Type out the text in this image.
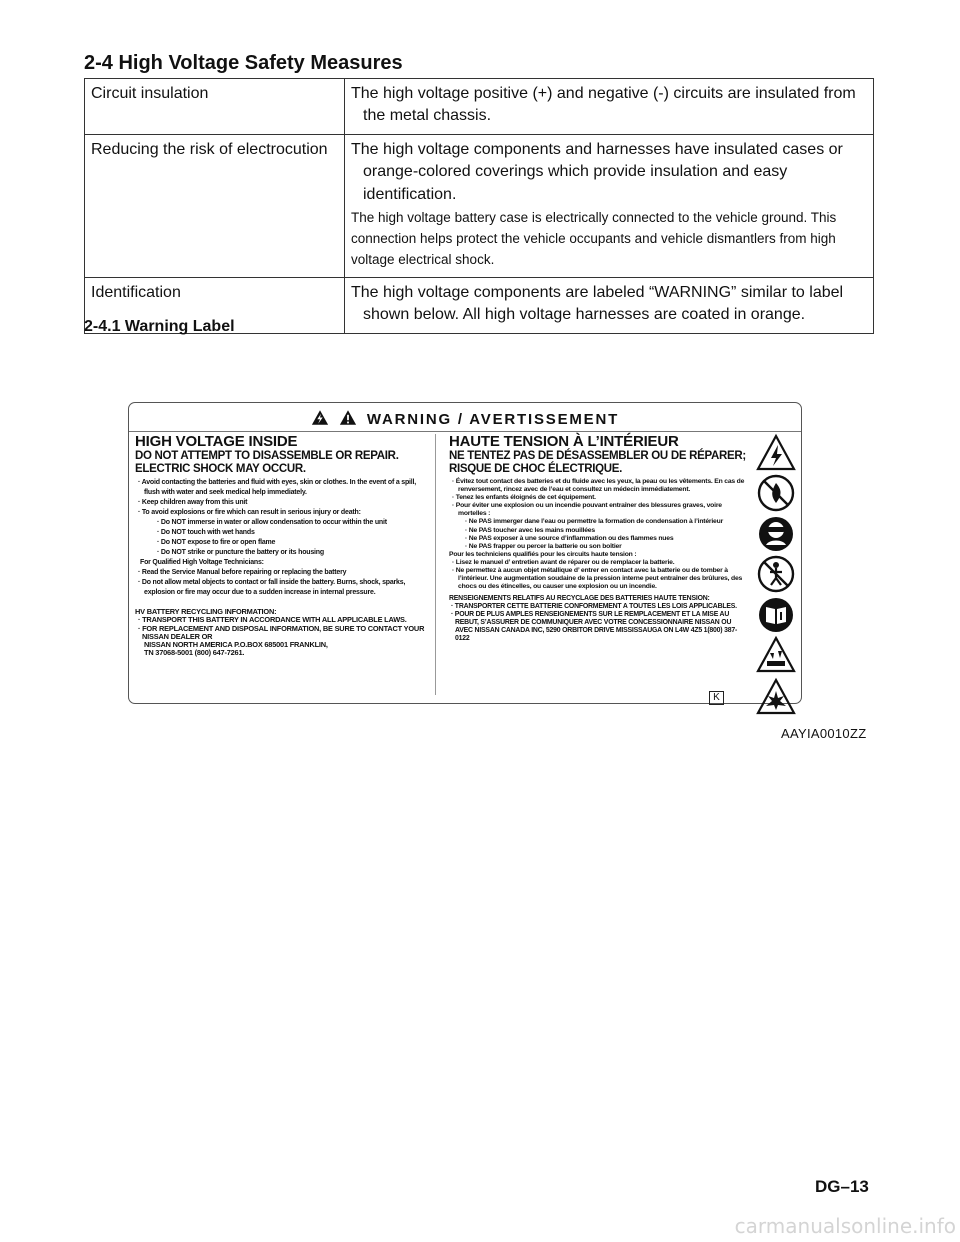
2-4 High Voltage Safety Measures
Circuit insulation	The high voltage positive (+) and negative (-) circuits are insulated from the metal chassis.

Reducing the risk of electrocution	The high voltage components and harnesses have insulated cases or orange-colored coverings which provide insulation and easy identification.
The high voltage battery case is electrically connected to the vehicle ground. This connection helps protect the vehicle occupants and vehicle dismantlers from high voltage electrical shock.

Identification	The high voltage components are labeled “WARNING” similar to label shown below. All high voltage harnesses are coated in orange.
2-4.1 Warning Label
WARNING / AVERTISSEMENT
HIGH VOLTAGE INSIDE
DO NOT ATTEMPT TO DISASSEMBLE OR REPAIR. ELECTRIC SHOCK MAY OCCUR.
· Avoid contacting the batteries and fluid with eyes, skin or clothes. In the event of a spill, flush with water and seek medical help immediately.
· Keep children away from this unit
· To avoid explosions or fire which can result in serious injury or death:
· Do NOT immerse in water or allow condensation to occur within the unit
· Do NOT touch with wet hands
· Do NOT expose to fire or open flame
· Do NOT strike or puncture the battery or its housing
For Qualified High Voltage Technicians:
· Read the Service Manual before repairing or replacing the battery
· Do not allow metal objects to contact or fall inside the battery. Burns, shock, sparks, explosion or fire may occur due to a sudden increase in internal pressure.
HV BATTERY RECYCLING INFORMATION:
· TRANSPORT THIS BATTERY IN ACCORDANCE WITH ALL APPLICABLE LAWS.
· FOR REPLACEMENT AND DISPOSAL INFORMATION, BE SURE TO CONTACT YOUR NISSAN DEALER OR
NISSAN NORTH AMERICA P.O.BOX 685001 FRANKLIN,
TN 37068-5001 (800) 647-7261.
HAUTE TENSION À L’INTÉRIEUR
NE TENTEZ PAS DE DÉSASSEMBLER OU DE RÉPARER; RISQUE DE CHOC ÉLECTRIQUE.
· Évitez tout contact des batteries et du fluide avec les yeux, la peau ou les vêtements. En cas de renversement, rincez avec de l’eau et consultez un médecin immédiatement.
· Tenez les enfants éloignés de cet équipement.
· Pour éviter une explosion ou un incendie pouvant entraîner des blessures graves, voire mortelles :
· Ne PAS immerger dane l’eau ou permettre la formation de condensation à l’intérieur
· Ne PAS toucher avec les mains mouillées
· Ne PAS exposer à une source d’inflammation ou des flammes nues
· Ne PAS frapper ou percer la batterie ou son boîtier
Pour les techniciens qualifiés pour les circuits haute tension :
· Lisez le manuel d’ entretien avant de réparer ou de remplacer la batterie.
· Ne permettez à aucun objet métallique d’ entrer en contact avec la batterie ou de tomber à l’intérieur. Une augmentation soudaine de la pression interne peut entraîner des brûlures, des chocs ou des étincelles, ou causer une explosion ou un incendie.
RENSEIGNEMENTS RELATIFS AU RECYCLAGE DES BATTERIES HAUTE TENSION:
· TRANSPORTER CETTE BATTERIE CONFORMEMENT A TOUTES LES LOIS APPLICABLES.
· POUR DE PLUS AMPLES RENSEIGNEMENTS SUR LE REMPLACEMENT ET LA MISE AU REBUT, S’ASSURER DE COMMUNIQUER AVEC VOTRE CONCESSIONNAIRE NISSAN OU AVEC NISSAN CANADA INC, 5290 ORBITOR DRIVE MISSISSAUGA ON L4W 4Z5 1(800) 387-0122
K
AAYIA0010ZZ
DG–13
carmanualsonline.info
